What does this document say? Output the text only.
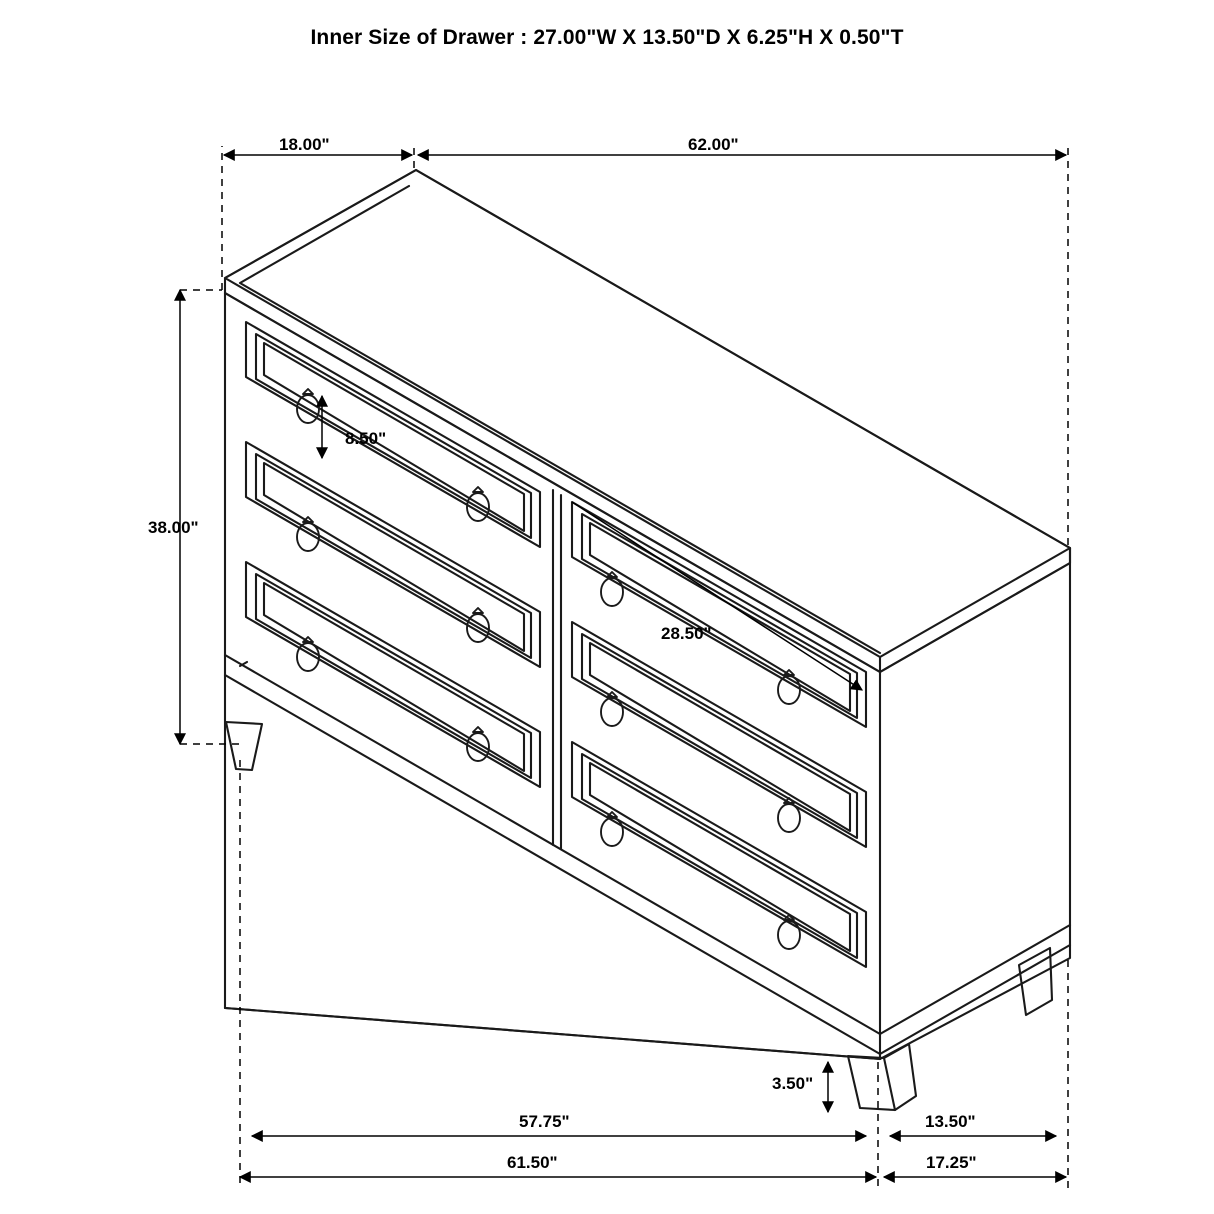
Inner Size of Drawer : 27.00"W X 13.50"D X 6.25"H X 0.50"T
18.00"	62.00"
38.00"
8.50"
28.50"
3.50"
57.75"	13.50"
61.50"	17.25"
